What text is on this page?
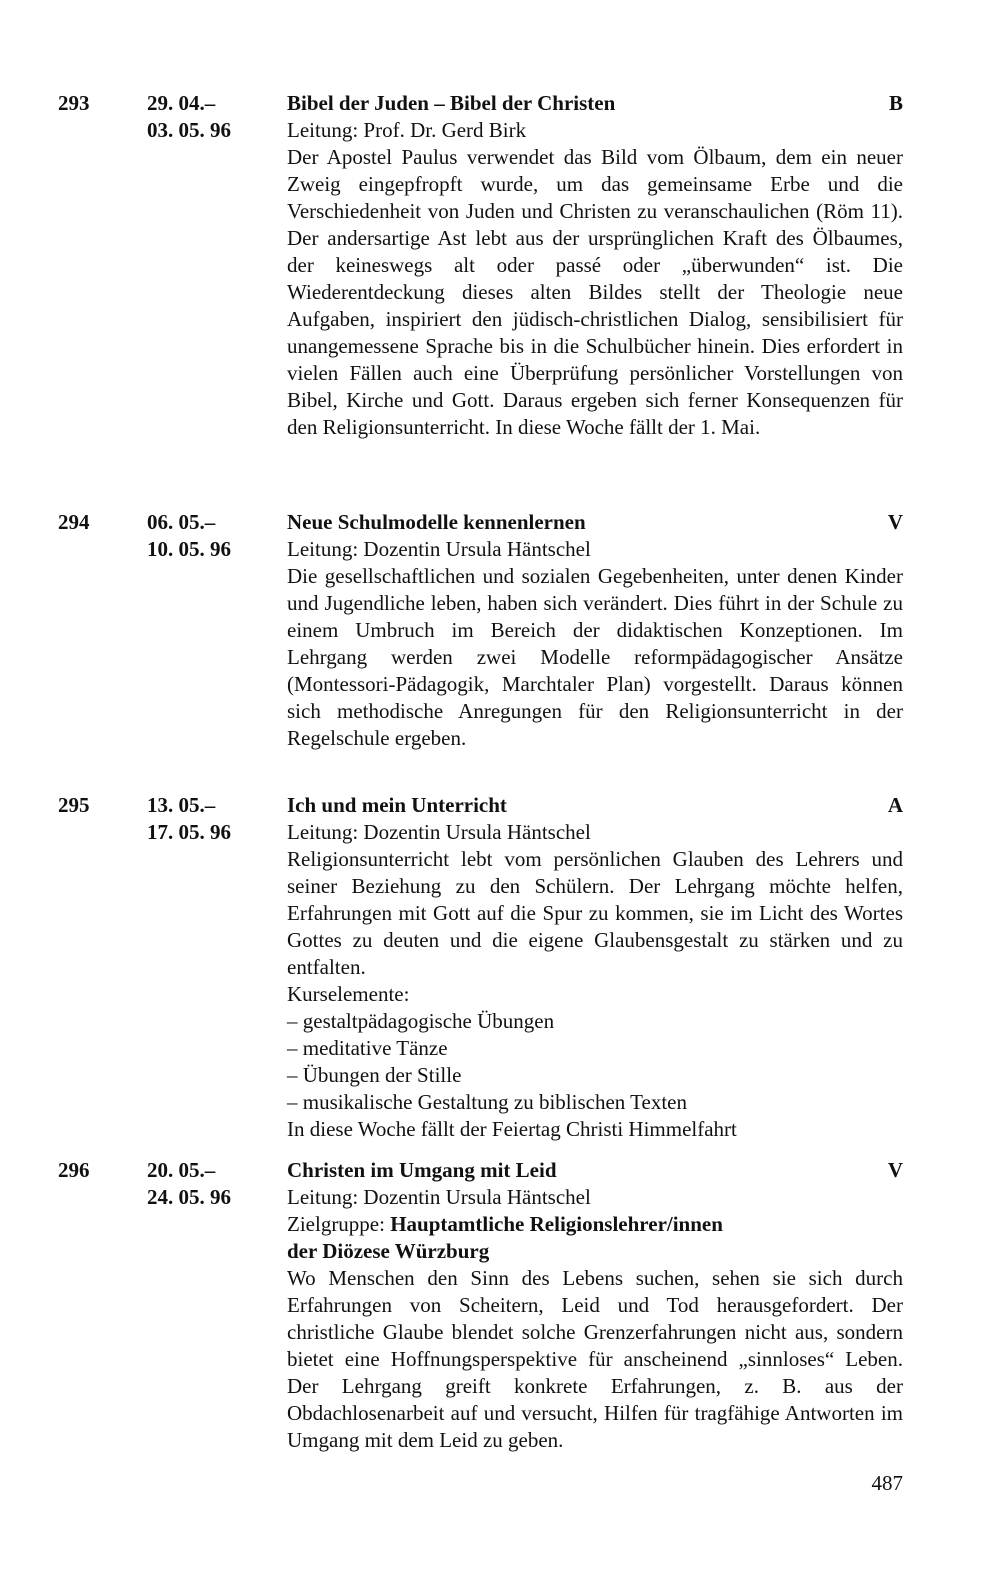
293	29. 04.–
03. 05. 96
Bibel der Juden – Bibel der Christen	B
Leitung: Prof. Dr. Gerd Birk
Der Apostel Paulus verwendet das Bild vom Ölbaum, dem ein neuer Zweig eingepfropft wurde, um das gemeinsame Erbe und die Verschiedenheit von Juden und Christen zu veranschaulichen (Röm 11). Der andersartige Ast lebt aus der ursprünglichen Kraft des Ölbaumes, der keineswegs alt oder passé oder „überwunden“ ist. Die Wiederentdeckung dieses alten Bildes stellt der Theologie neue Aufgaben, inspiriert den jüdisch-christlichen Dialog, sensibilisiert für unangemessene Sprache bis in die Schulbücher hinein. Dies erfordert in vielen Fällen auch eine Überprüfung persönlicher Vorstellungen von Bibel, Kirche und Gott. Daraus ergeben sich ferner Konsequenzen für den Religionsunterricht. In diese Woche fällt der 1. Mai.
294	06. 05.–
10. 05. 96
Neue Schulmodelle kennenlernen	V
Leitung: Dozentin Ursula Häntschel
Die gesellschaftlichen und sozialen Gegebenheiten, unter denen Kinder und Jugendliche leben, haben sich verändert. Dies führt in der Schule zu einem Umbruch im Bereich der didaktischen Konzeptionen. Im Lehrgang werden zwei Modelle reformpädagogischer Ansätze (Montessori-Pädagogik, Marchtaler Plan) vorgestellt. Daraus können sich methodische Anregungen für den Religionsunterricht in der Regelschule ergeben.
295	13. 05.–
17. 05. 96
Ich und mein Unterricht	A
Leitung: Dozentin Ursula Häntschel
Religionsunterricht lebt vom persönlichen Glauben des Lehrers und seiner Beziehung zu den Schülern. Der Lehrgang möchte helfen, Erfahrungen mit Gott auf die Spur zu kommen, sie im Licht des Wortes Gottes zu deuten und die eigene Glaubensgestalt zu stärken und zu entfalten.
Kurselemente:
– gestaltpädagogische Übungen
– meditative Tänze
– Übungen der Stille
– musikalische Gestaltung zu biblischen Texten
In diese Woche fällt der Feiertag Christi Himmelfahrt
296	20. 05.–
24. 05. 96
Christen im Umgang mit Leid	V
Leitung: Dozentin Ursula Häntschel
Zielgruppe: Hauptamtliche Religionslehrer/innen
der Diözese Würzburg
Wo Menschen den Sinn des Lebens suchen, sehen sie sich durch Erfahrungen von Scheitern, Leid und Tod herausgefordert. Der christliche Glaube blendet solche Grenzerfahrungen nicht aus, sondern bietet eine Hoffnungsperspektive für anscheinend „sinnloses“ Leben. Der Lehrgang greift konkrete Erfahrungen, z. B. aus der Obdachlosenarbeit auf und versucht, Hilfen für tragfähige Antworten im Umgang mit dem Leid zu geben.
487
